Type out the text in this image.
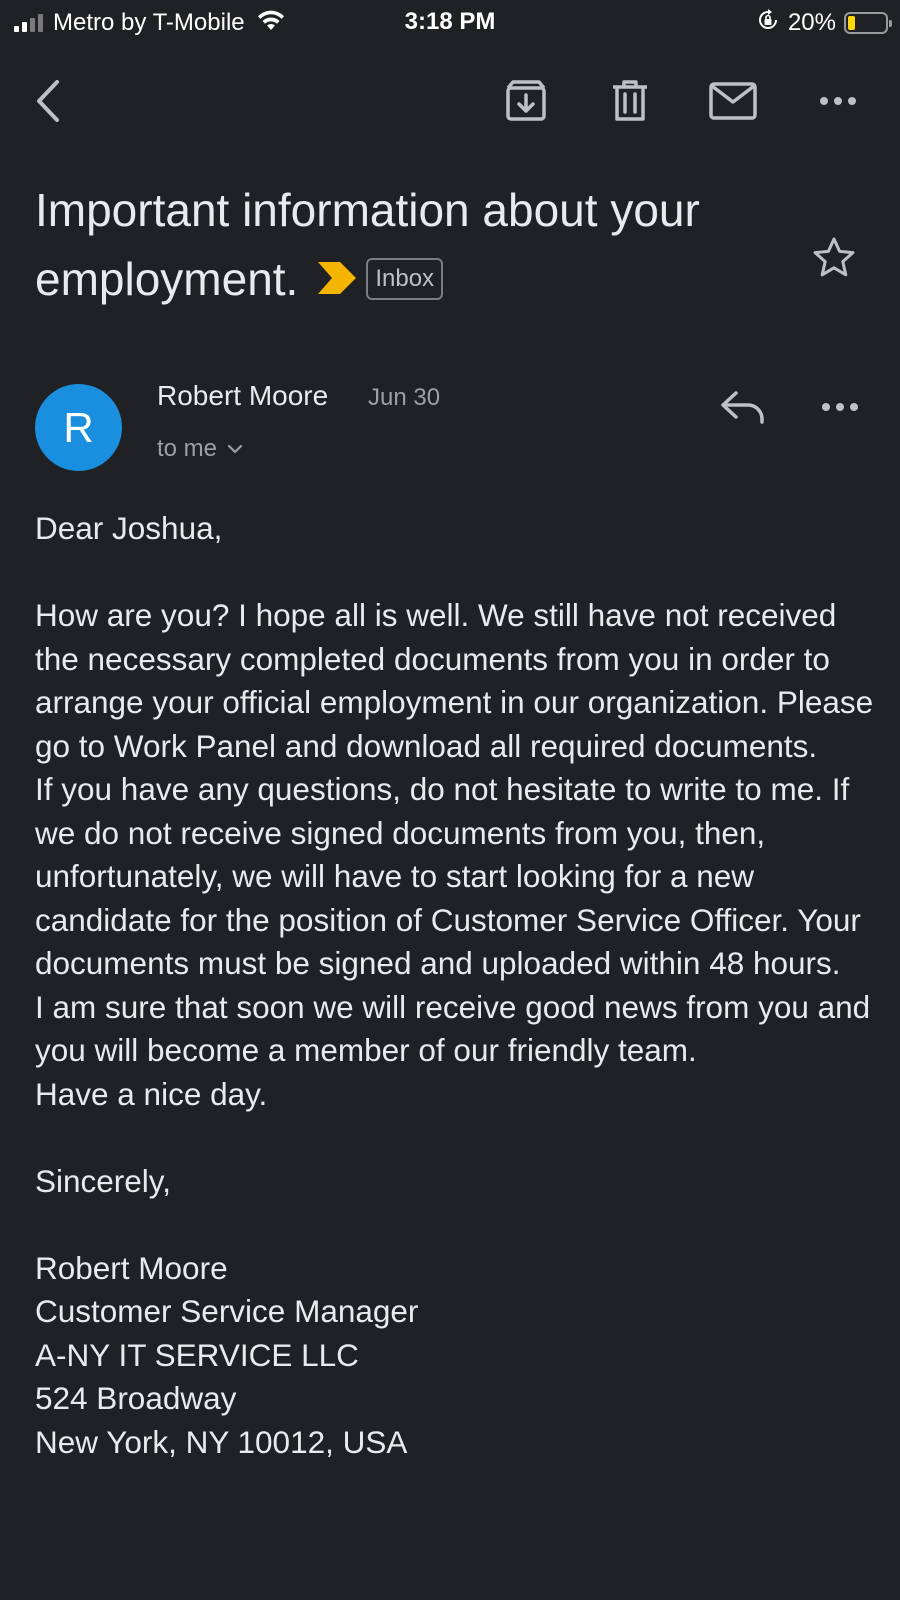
Metro by T-Mobile	3:18 PM	20%
Important information about your employment.	Inbox
R
Robert Moore Jun 30
to me

Dear Joshua,

How are you? I hope all is well. We still have not received the necessary completed documents from you in order to arrange your official employment in our organization. Please go to Work Panel and download all required documents.

If you have any questions, do not hesitate to write to me. If we do not receive signed documents from you, then, unfortunately, we will have to start looking for a new candidate for the position of Customer Service Officer. Your documents must be signed and uploaded within 48 hours.

I am sure that soon we will receive good news from you and you will become a member of our friendly team.

Have a nice day.

Sincerely,

Robert Moore

Customer Service Manager

A-NY IT SERVICE LLC

524 Broadway

New York, NY 10012, USA
